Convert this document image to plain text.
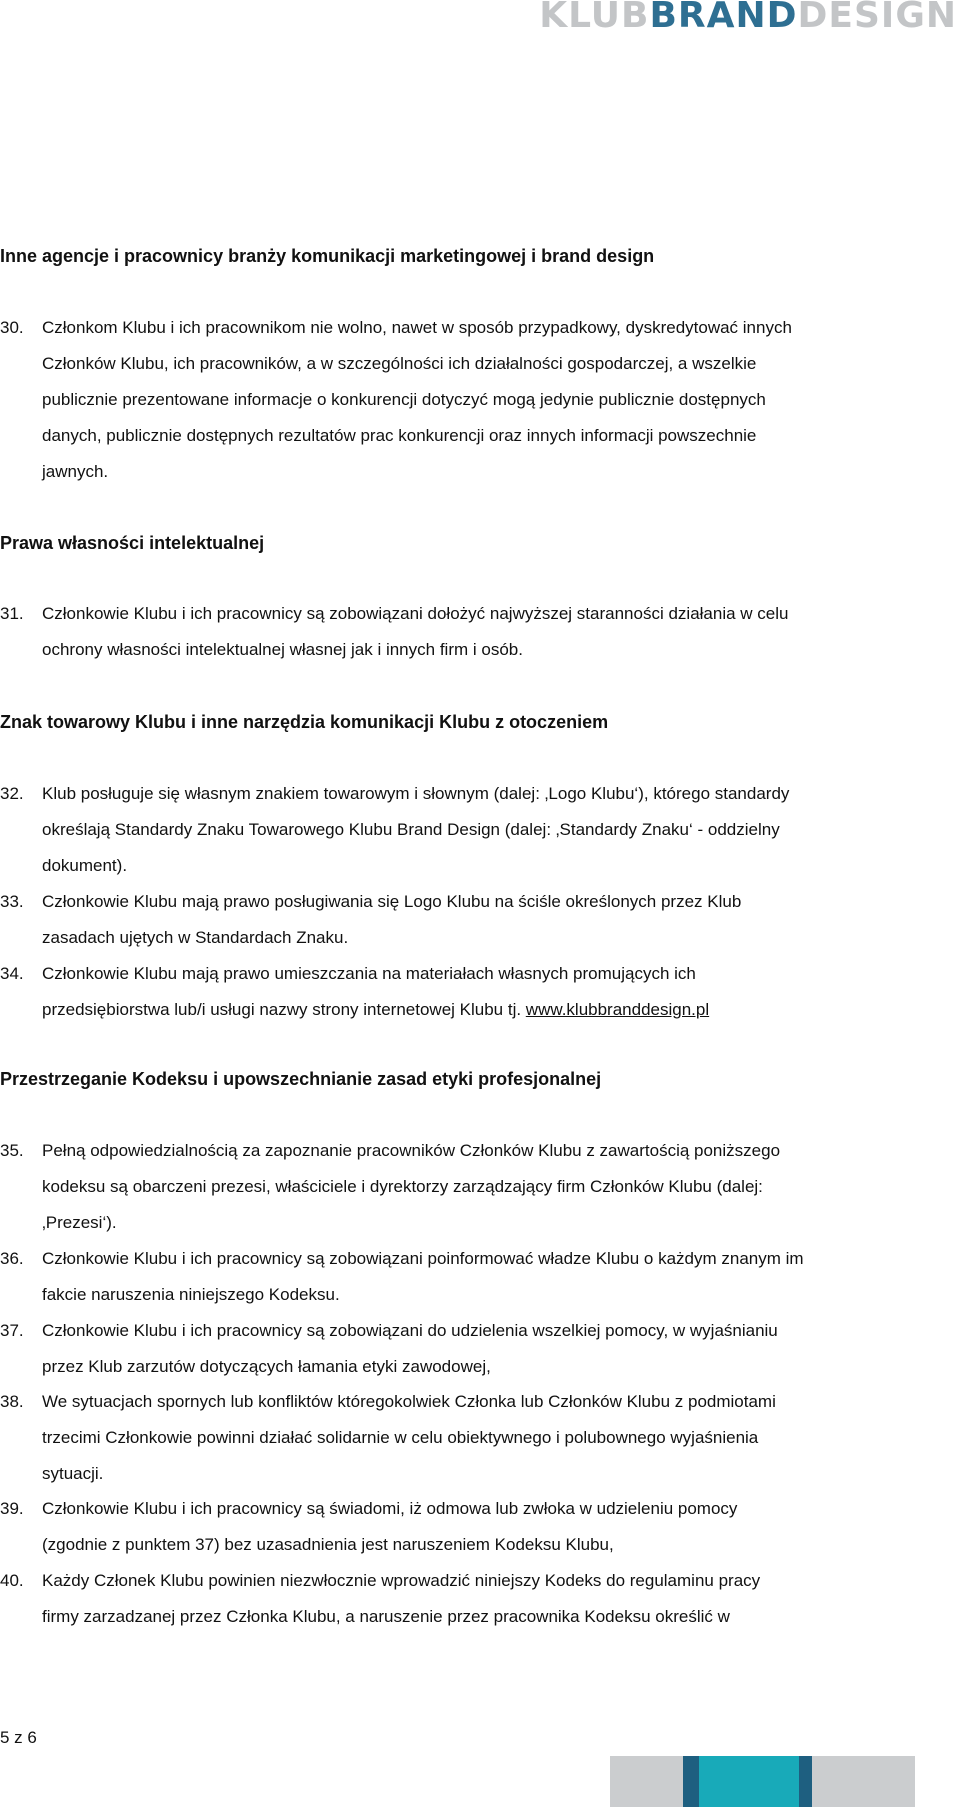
KLUBBRANDDESIGN
Inne agencje i pracownicy branży komunikacji marketingowej i brand design
30.	Członkom Klubu i ich pracownikom nie wolno, nawet w sposób przypadkowy, dyskredytować innych
Członków Klubu, ich pracowników, a w szczególności ich działalności gospodarczej, a wszelkie
publicznie prezentowane informacje o konkurencji dotyczyć mogą jedynie publicznie dostępnych
danych, publicznie dostępnych rezultatów prac konkurencji oraz innych informacji powszechnie
jawnych.
Prawa własności intelektualnej
31.	Członkowie Klubu i ich pracownicy są zobowiązani dołożyć najwyższej staranności działania w celu
ochrony własności intelektualnej własnej jak i innych firm i osób.
Znak towarowy Klubu i inne narzędzia komunikacji Klubu z otoczeniem
32.	Klub posługuje się własnym znakiem towarowym i słownym (dalej: ‚Logo Klubu‘), którego standardy
określają Standardy Znaku Towarowego Klubu Brand Design (dalej: ‚Standardy Znaku‘ - oddzielny
dokument).
33.	Członkowie Klubu mają prawo posługiwania się Logo Klubu na ściśle określonych przez Klub
zasadach ujętych w Standardach Znaku.
34.	Członkowie Klubu mają prawo umieszczania na materiałach własnych promujących ich
przedsiębiorstwa lub/i usługi nazwy strony internetowej Klubu tj. www.klubbranddesign.pl
Przestrzeganie Kodeksu i upowszechnianie zasad etyki profesjonalnej
35.	Pełną odpowiedzialnością za zapoznanie pracowników Członków Klubu z zawartością poniższego
kodeksu są obarczeni prezesi, właściciele i dyrektorzy zarządzający firm Członków Klubu (dalej:
‚Prezesi‘).
36.	Członkowie Klubu i ich pracownicy są zobowiązani poinformować władze Klubu o każdym znanym im
fakcie naruszenia niniejszego Kodeksu.
37.	Członkowie Klubu i ich pracownicy są zobowiązani do udzielenia wszelkiej pomocy, w wyjaśnianiu
przez Klub zarzutów dotyczących łamania etyki zawodowej,
38.	We sytuacjach spornych lub konfliktów któregokolwiek Członka lub Członków Klubu z podmiotami
trzecimi Członkowie powinni działać solidarnie w celu obiektywnego i polubownego wyjaśnienia
sytuacji.
39.	Członkowie Klubu i ich pracownicy są świadomi, iż odmowa lub zwłoka w udzieleniu pomocy
(zgodnie z punktem 37) bez uzasadnienia jest naruszeniem Kodeksu Klubu,
40.	Każdy Członek Klubu powinien niezwłocznie wprowadzić niniejszy Kodeks do regulaminu pracy
firmy zarzadzanej przez Członka Klubu, a naruszenie przez pracownika Kodeksu określić w
5 z 6
